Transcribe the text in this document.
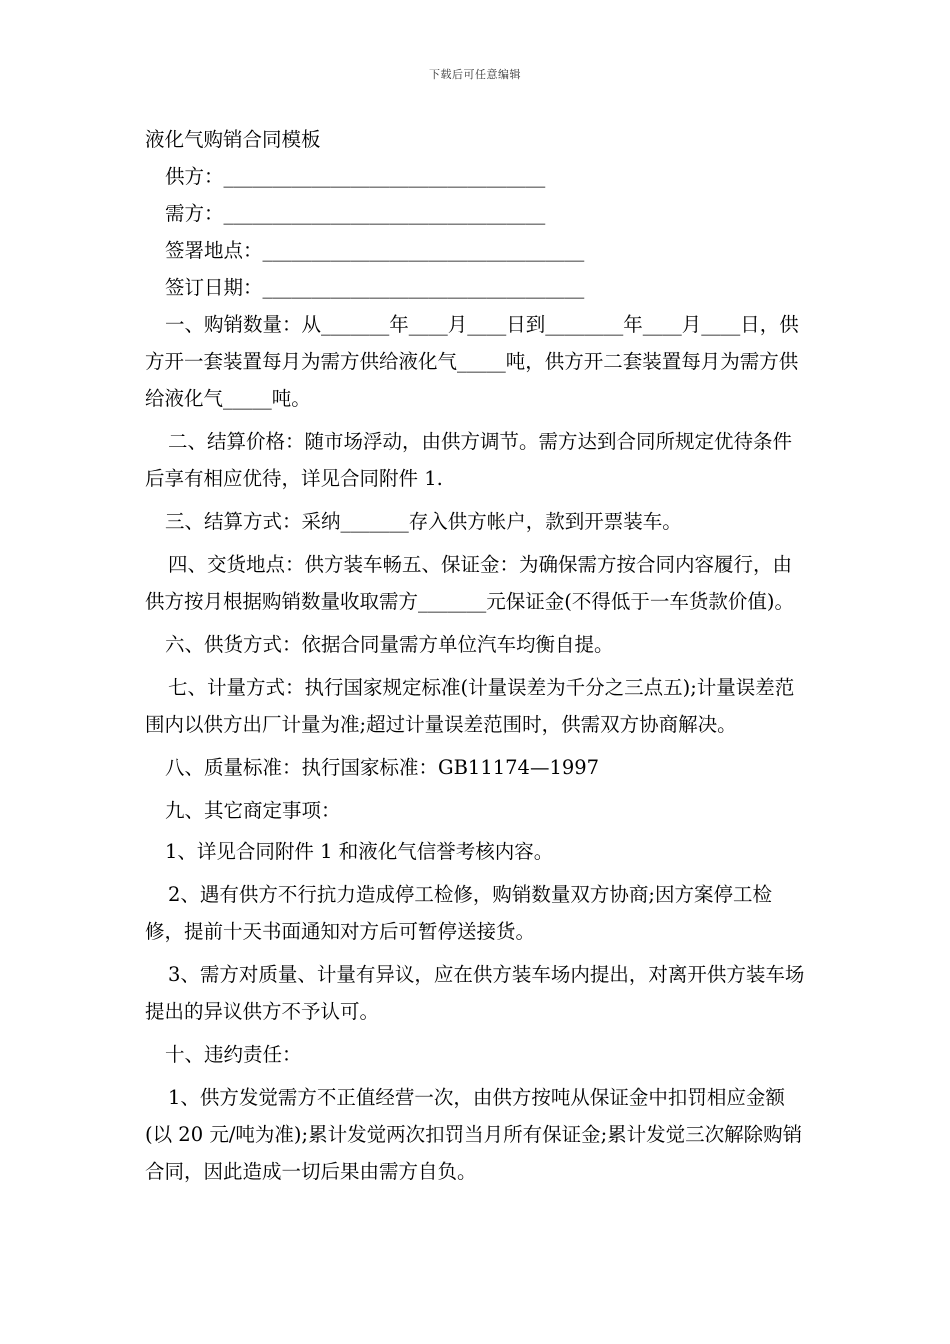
下载后可任意编辑

液化气购销合同模板

供方：_________________________________

需方：_________________________________

签署地点：_________________________________

签订日期：_________________________________

一、购销数量：从_______年____月____日到________年____月____日，供方开一套装置每月为需方供给液化气_____吨，供方开二套装置每月为需方供给液化气_____吨。

二、结算价格：随市场浮动，由供方调节。需方达到合同所规定优待条件后享有相应优待，详见合同附件 1.

三、结算方式：采纳_______存入供方帐户，款到开票装车。

四、交货地点：供方装车畅五、保证金：为确保需方按合同内容履行，由供方按月根据购销数量收取需方_______元保证金(不得低于一车货款价值)。

六、供货方式：依据合同量需方单位汽车均衡自提。

七、计量方式：执行国家规定标准(计量误差为千分之三点五);计量误差范围内以供方出厂计量为准;超过计量误差范围时，供需双方协商解决。

八、质量标准：执行国家标准：GB11174—1997

九、其它商定事项：

1、详见合同附件 1 和液化气信誉考核内容。

2、遇有供方不行抗力造成停工检修，购销数量双方协商;因方案停工检修，提前十天书面通知对方后可暂停送接货。

3、需方对质量、计量有异议，应在供方装车场内提出，对离开供方装车场提出的异议供方不予认可。

十、违约责任：

1、供方发觉需方不正值经营一次，由供方按吨从保证金中扣罚相应金额(以 20 元/吨为准);累计发觉两次扣罚当月所有保证金;累计发觉三次解除购销合同，因此造成一切后果由需方自负。
